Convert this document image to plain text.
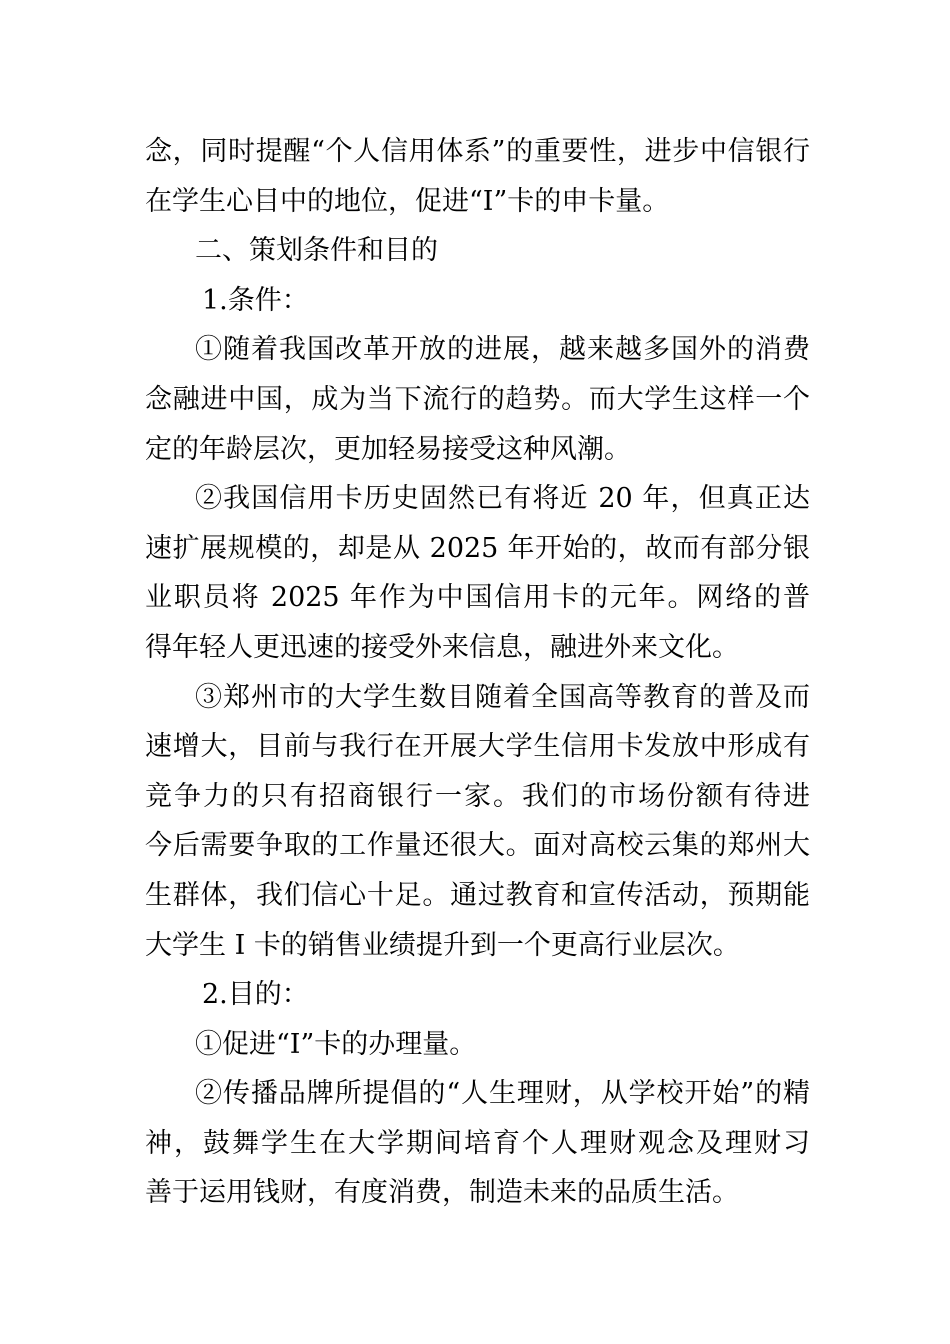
念，同时提醒“个人信用体系”的重要性，进步中信银行
在学生心目中的地位，促进“I”卡的申卡量。
二、策划条件和目的
1.条件：
①随着我国改革开放的进展，越来越多国外的消费
念融进中国，成为当下流行的趋势。而大学生这样一个
定的年龄层次，更加轻易接受这种风潮。
②我国信用卡历史固然已有将近 20 年，但真正达
速扩展规模的，却是从 2025 年开始的，故而有部分银
业职员将 2025 年作为中国信用卡的元年。网络的普
得年轻人更迅速的接受外来信息，融进外来文化。
③郑州市的大学生数目随着全国高等教育的普及而
速增大，目前与我行在开展大学生信用卡发放中形成有
竞争力的只有招商银行一家。我们的市场份额有待进
今后需要争取的工作量还很大。面对高校云集的郑州大
生群体，我们信心十足。通过教育和宣传活动，预期能
大学生 I 卡的销售业绩提升到一个更高行业层次。
2.目的：
①促进“I”卡的办理量。
②传播品牌所提倡的“人生理财，从学校开始”的精
神，鼓舞学生在大学期间培育个人理财观念及理财习
善于运用钱财，有度消费，制造未来的品质生活。
